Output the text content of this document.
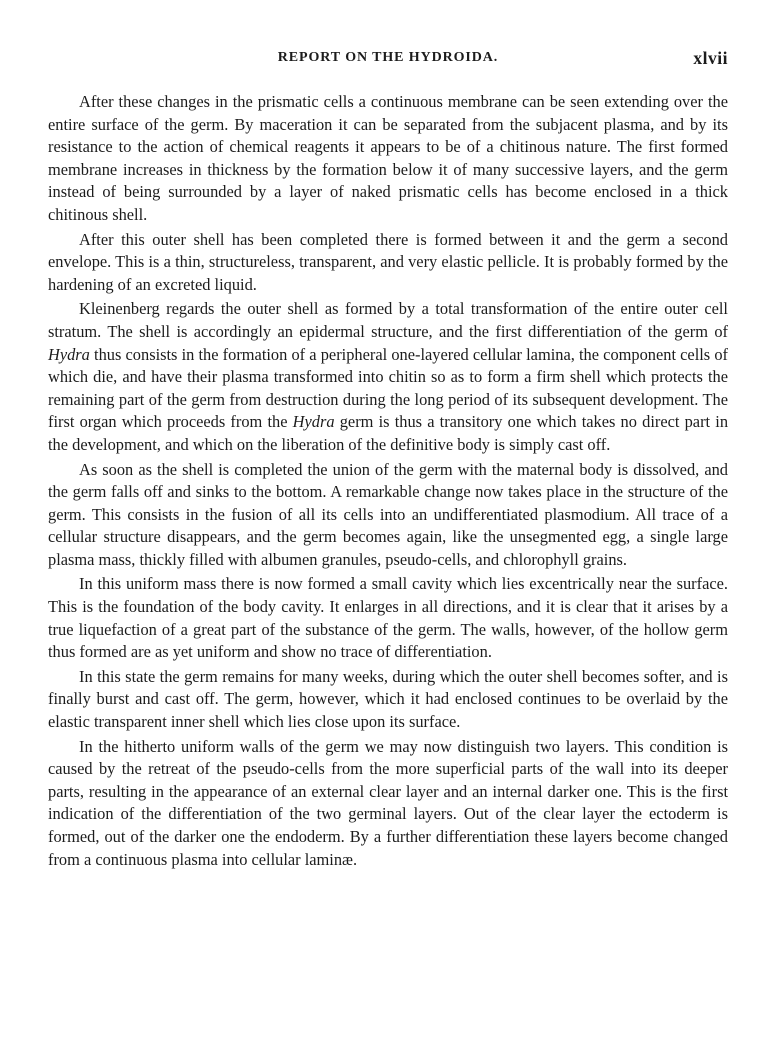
REPORT ON THE HYDROIDA.	xlvii

After these changes in the prismatic cells a continuous membrane can be seen extending over the entire surface of the germ. By maceration it can be separated from the subjacent plasma, and by its resistance to the action of chemical reagents it appears to be of a chitinous nature. The first formed membrane increases in thickness by the formation below it of many successive layers, and the germ instead of being surrounded by a layer of naked prismatic cells has become enclosed in a thick chitinous shell.

After this outer shell has been completed there is formed between it and the germ a second envelope. This is a thin, structureless, transparent, and very elastic pellicle. It is probably formed by the hardening of an excreted liquid.

Kleinenberg regards the outer shell as formed by a total transformation of the entire outer cell stratum. The shell is accordingly an epidermal structure, and the first differentiation of the germ of Hydra thus consists in the formation of a peripheral one-layered cellular lamina, the component cells of which die, and have their plasma transformed into chitin so as to form a firm shell which protects the remaining part of the germ from destruction during the long period of its subsequent development. The first organ which proceeds from the Hydra germ is thus a transitory one which takes no direct part in the development, and which on the liberation of the definitive body is simply cast off.

As soon as the shell is completed the union of the germ with the maternal body is dissolved, and the germ falls off and sinks to the bottom. A remarkable change now takes place in the structure of the germ. This consists in the fusion of all its cells into an undifferentiated plasmodium. All trace of a cellular structure disappears, and the germ becomes again, like the unsegmented egg, a single large plasma mass, thickly filled with albumen granules, pseudo-cells, and chlorophyll grains.

In this uniform mass there is now formed a small cavity which lies excentrically near the surface. This is the foundation of the body cavity. It enlarges in all directions, and it is clear that it arises by a true liquefaction of a great part of the substance of the germ. The walls, however, of the hollow germ thus formed are as yet uniform and show no trace of differentiation.

In this state the germ remains for many weeks, during which the outer shell becomes softer, and is finally burst and cast off. The germ, however, which it had enclosed continues to be overlaid by the elastic transparent inner shell which lies close upon its surface.

In the hitherto uniform walls of the germ we may now distinguish two layers. This condition is caused by the retreat of the pseudo-cells from the more superficial parts of the wall into its deeper parts, resulting in the appearance of an external clear layer and an internal darker one. This is the first indication of the differentiation of the two germinal layers. Out of the clear layer the ectoderm is formed, out of the darker one the endoderm. By a further differentiation these layers become changed from a continuous plasma into cellular laminæ.
